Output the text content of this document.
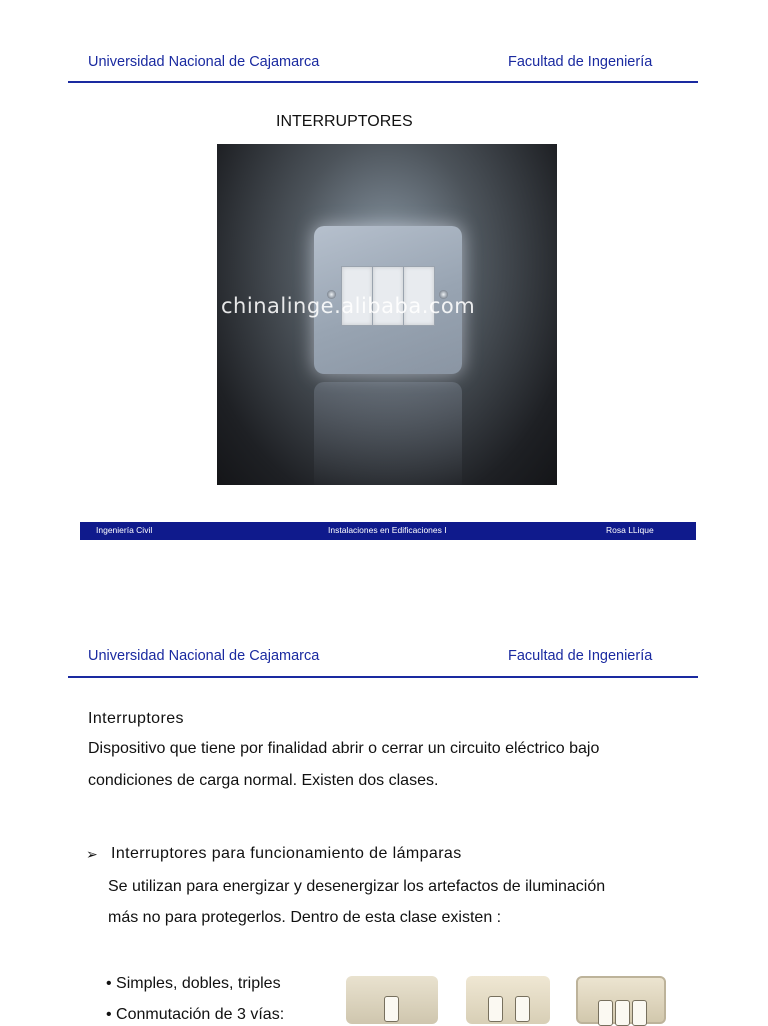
Universidad Nacional de Cajamarca	Facultad de Ingeniería
INTERRUPTORES
chinalinge.alibaba.com
Ingeniería Civil	Instalaciones en Edificaciones I	Rosa LLique
Universidad Nacional de Cajamarca	Facultad de Ingeniería
Interruptores
Dispositivo que tiene por finalidad abrir o cerrar un circuito eléctrico bajo
condiciones de carga normal. Existen dos clases.
➢ Interruptores para funcionamiento de lámparas
Se utilizan para energizar y desenergizar los artefactos de iluminación
más no para protegerlos. Dentro de esta clase existen :
• Simples, dobles, triples
• Conmutación de 3 vías:
